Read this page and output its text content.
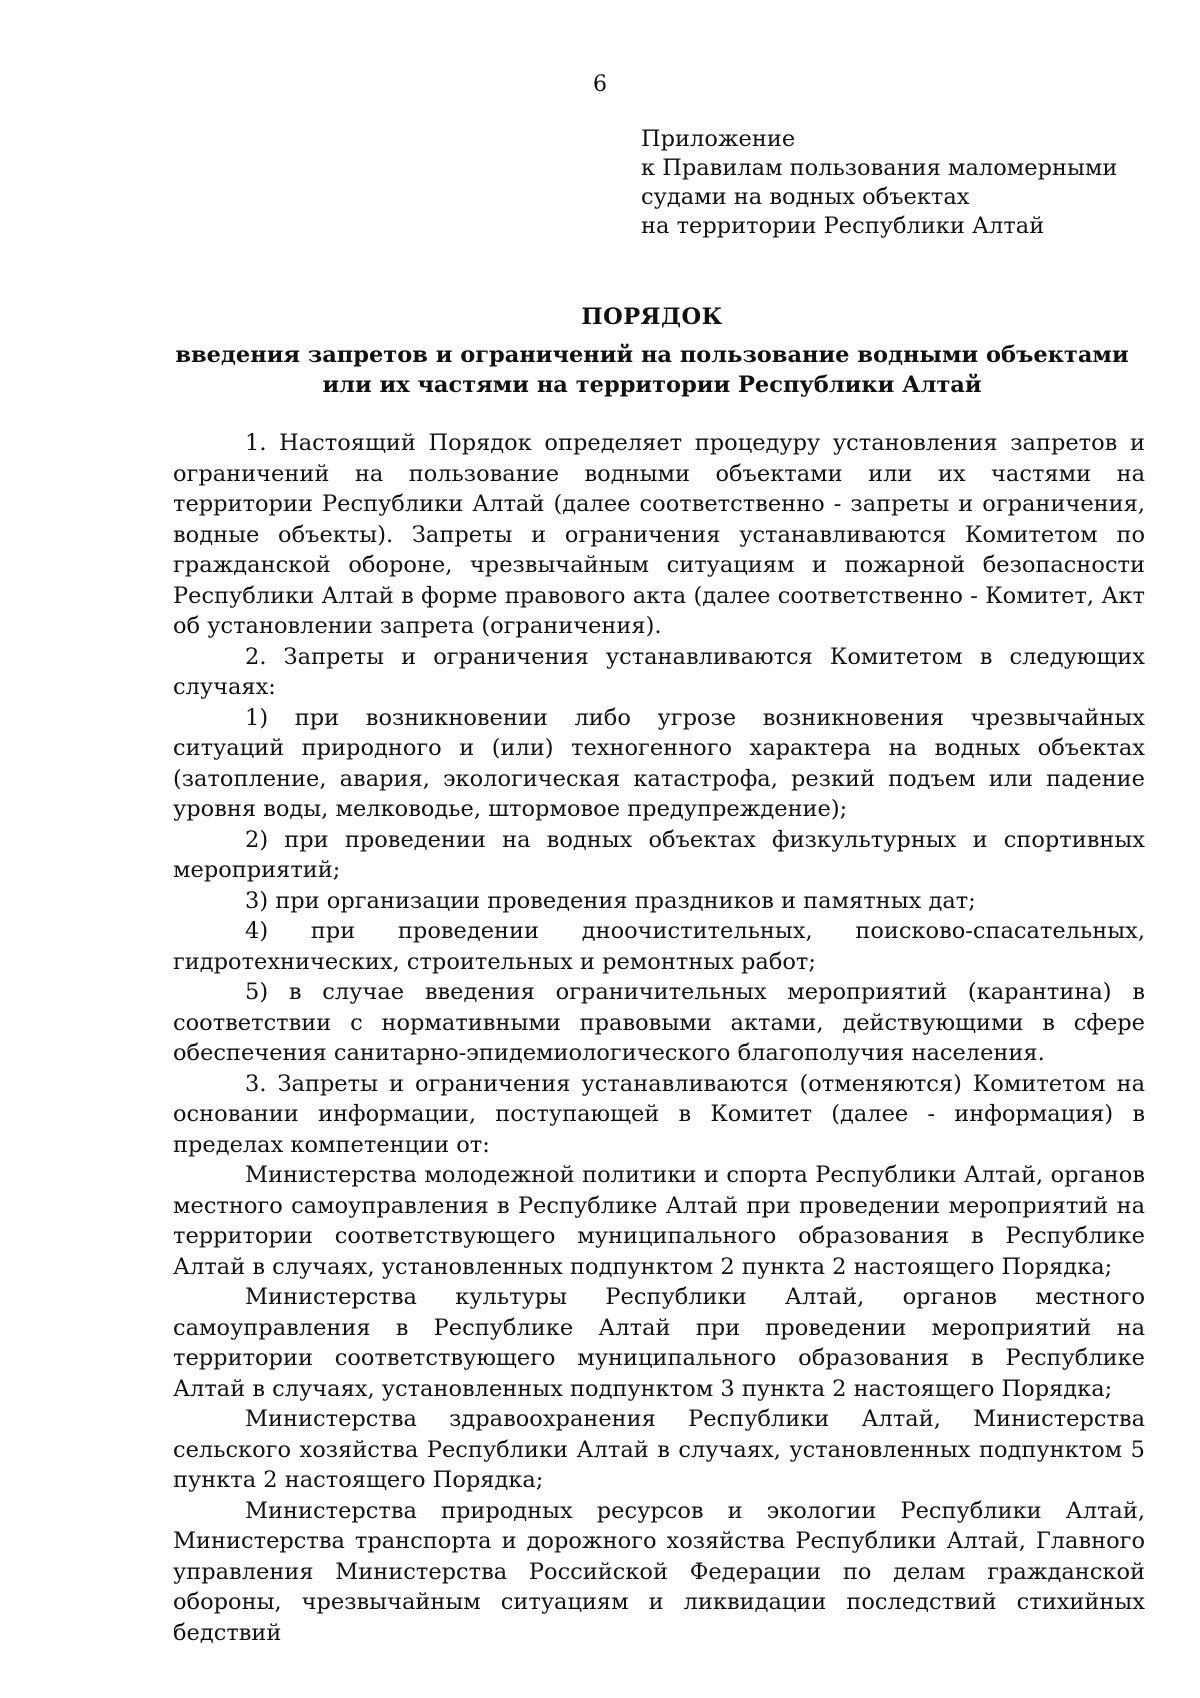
6
Приложение
к Правилам пользования маломерными
судами на водных объектах
на территории Республики Алтай
ПОРЯДОК
введения запретов и ограничений на пользование водными объектами
или их частями на территории Республики Алтай

1. Настоящий Порядок определяет процедуру установления запретов и ограничений на пользование водными объектами или их частями на территории Республики Алтай (далее соответственно - запреты и ограничения, водные объекты). Запреты и ограничения устанавливаются Комитетом по гражданской обороне, чрезвычайным ситуациям и пожарной безопасности Республики Алтай в форме правового акта (далее соответственно - Комитет, Акт об установлении запрета (ограничения).

2. Запреты и ограничения устанавливаются Комитетом в следующих случаях:

1) при возникновении либо угрозе возникновения чрезвычайных ситуаций природного и (или) техногенного характера на водных объектах (затопление, авария, экологическая катастрофа, резкий подъем или падение уровня воды, мелководье, штормовое предупреждение);

2) при проведении на водных объектах физкультурных и спортивных мероприятий;

3) при организации проведения праздников и памятных дат;

4) при проведении дноочистительных, поисково-спасательных, гидротехнических, строительных и ремонтных работ;

5) в случае введения ограничительных мероприятий (карантина) в соответствии с нормативными правовыми актами, действующими в сфере обеспечения санитарно-эпидемиологического благополучия населения.

3. Запреты и ограничения устанавливаются (отменяются) Комитетом на основании информации, поступающей в Комитет (далее - информация) в пределах компетенции от:

Министерства молодежной политики и спорта Республики Алтай, органов местного самоуправления в Республике Алтай при проведении мероприятий на территории соответствующего муниципального образования в Республике Алтай в случаях, установленных подпунктом 2 пункта 2 настоящего Порядка;

Министерства культуры Республики Алтай, органов местного самоуправления в Республике Алтай при проведении мероприятий на территории соответствующего муниципального образования в Республике Алтай в случаях, установленных подпунктом 3 пункта 2 настоящего Порядка;

Министерства здравоохранения Республики Алтай, Министерства сельского хозяйства Республики Алтай в случаях, установленных подпунктом 5 пункта 2 настоящего Порядка;

Министерства природных ресурсов и экологии Республики Алтай, Министерства транспорта и дорожного хозяйства Республики Алтай, Главного управления Министерства Российской Федерации по делам гражданской обороны, чрезвычайным ситуациям и ликвидации последствий стихийных бедствий
